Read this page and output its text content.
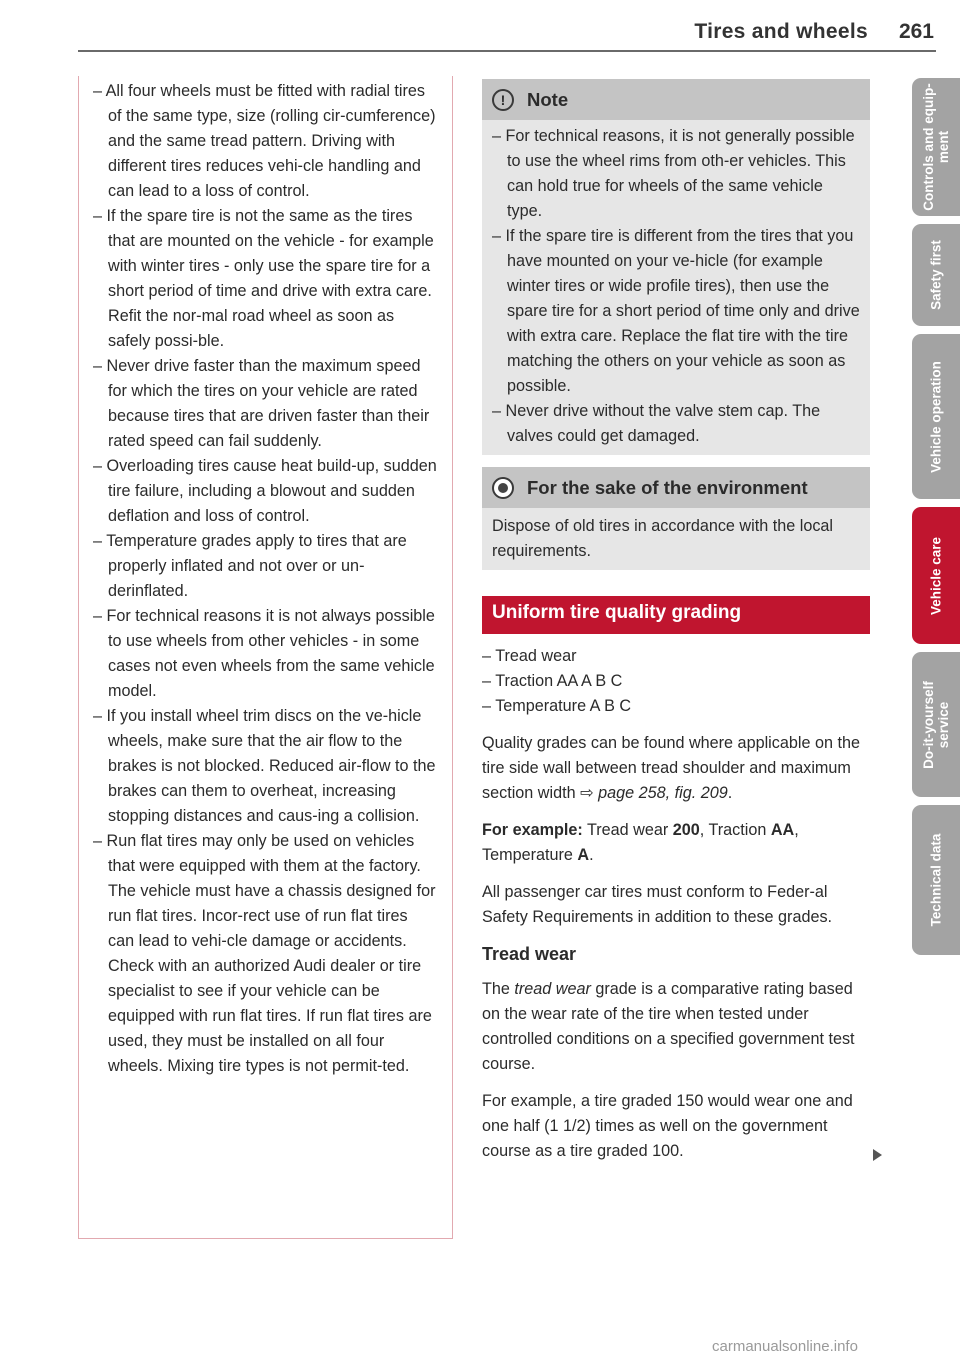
Tires and wheels 261

– All four wheels must be fitted with radial tires of the same type, size (rolling cir-cumference) and the same tread pattern. Driving with different tires reduces vehi-cle handling and can lead to a loss of control.

– If the spare tire is not the same as the tires that are mounted on the vehicle - for example with winter tires - only use the spare tire for a short period of time and drive with extra care. Refit the nor-mal road wheel as soon as safely possi-ble.

– Never drive faster than the maximum speed for which the tires on your vehicle are rated because tires that are driven faster than their rated speed can fail suddenly.

– Overloading tires cause heat build-up, sudden tire failure, including a blowout and sudden deflation and loss of control.

– Temperature grades apply to tires that are properly inflated and not over or un-derinflated.

– For technical reasons it is not always possible to use wheels from other vehicles - in some cases not even wheels from the same vehicle model.

– If you install wheel trim discs on the ve-hicle wheels, make sure that the air flow to the brakes is not blocked. Reduced air-flow to the brakes can them to overheat, increasing stopping distances and caus-ing a collision.

– Run flat tires may only be used on vehicles that were equipped with them at the factory. The vehicle must have a chassis designed for run flat tires. Incor-rect use of run flat tires can lead to vehi-cle damage or accidents. Check with an authorized Audi dealer or tire specialist to see if your vehicle can be equipped with run flat tires. If run flat tires are used, they must be installed on all four wheels. Mixing tire types is not permit-ted.

!	Note

– For technical reasons, it is not generally possible to use the wheel rims from oth-er vehicles. This can hold true for wheels of the same vehicle type.

– If the spare tire is different from the tires that you have mounted on your ve-hicle (for example winter tires or wide profile tires), then use the spare tire for a short period of time only and drive with extra care. Replace the flat tire with the tire matching the others on your vehicle as soon as possible.

– Never drive without the valve stem cap. The valves could get damaged.

For the sake of the environment
Dispose of old tires in accordance with the local requirements.
Uniform tire quality grading

– Tread wear

– Traction AA A B C

– Temperature A B C

Quality grades can be found where applicable on the tire side wall between tread shoulder and maximum section width ⇨ page 258, fig. 209.

For example: Tread wear 200, Traction AA, Temperature A.

All passenger car tires must conform to Feder-al Safety Requirements in addition to these grades.

Tread wear

The tread wear grade is a comparative rating based on the wear rate of the tire when tested under controlled conditions on a specified government test course.

For example, a tire graded 150 would wear one and one half (1 1/2) times as well on the government course as a tire graded 100.

Controls and equip-
ment
Safety first
Vehicle operation
Vehicle care
Do-it-yourself
service
Technical data
carmanualsonline.info
